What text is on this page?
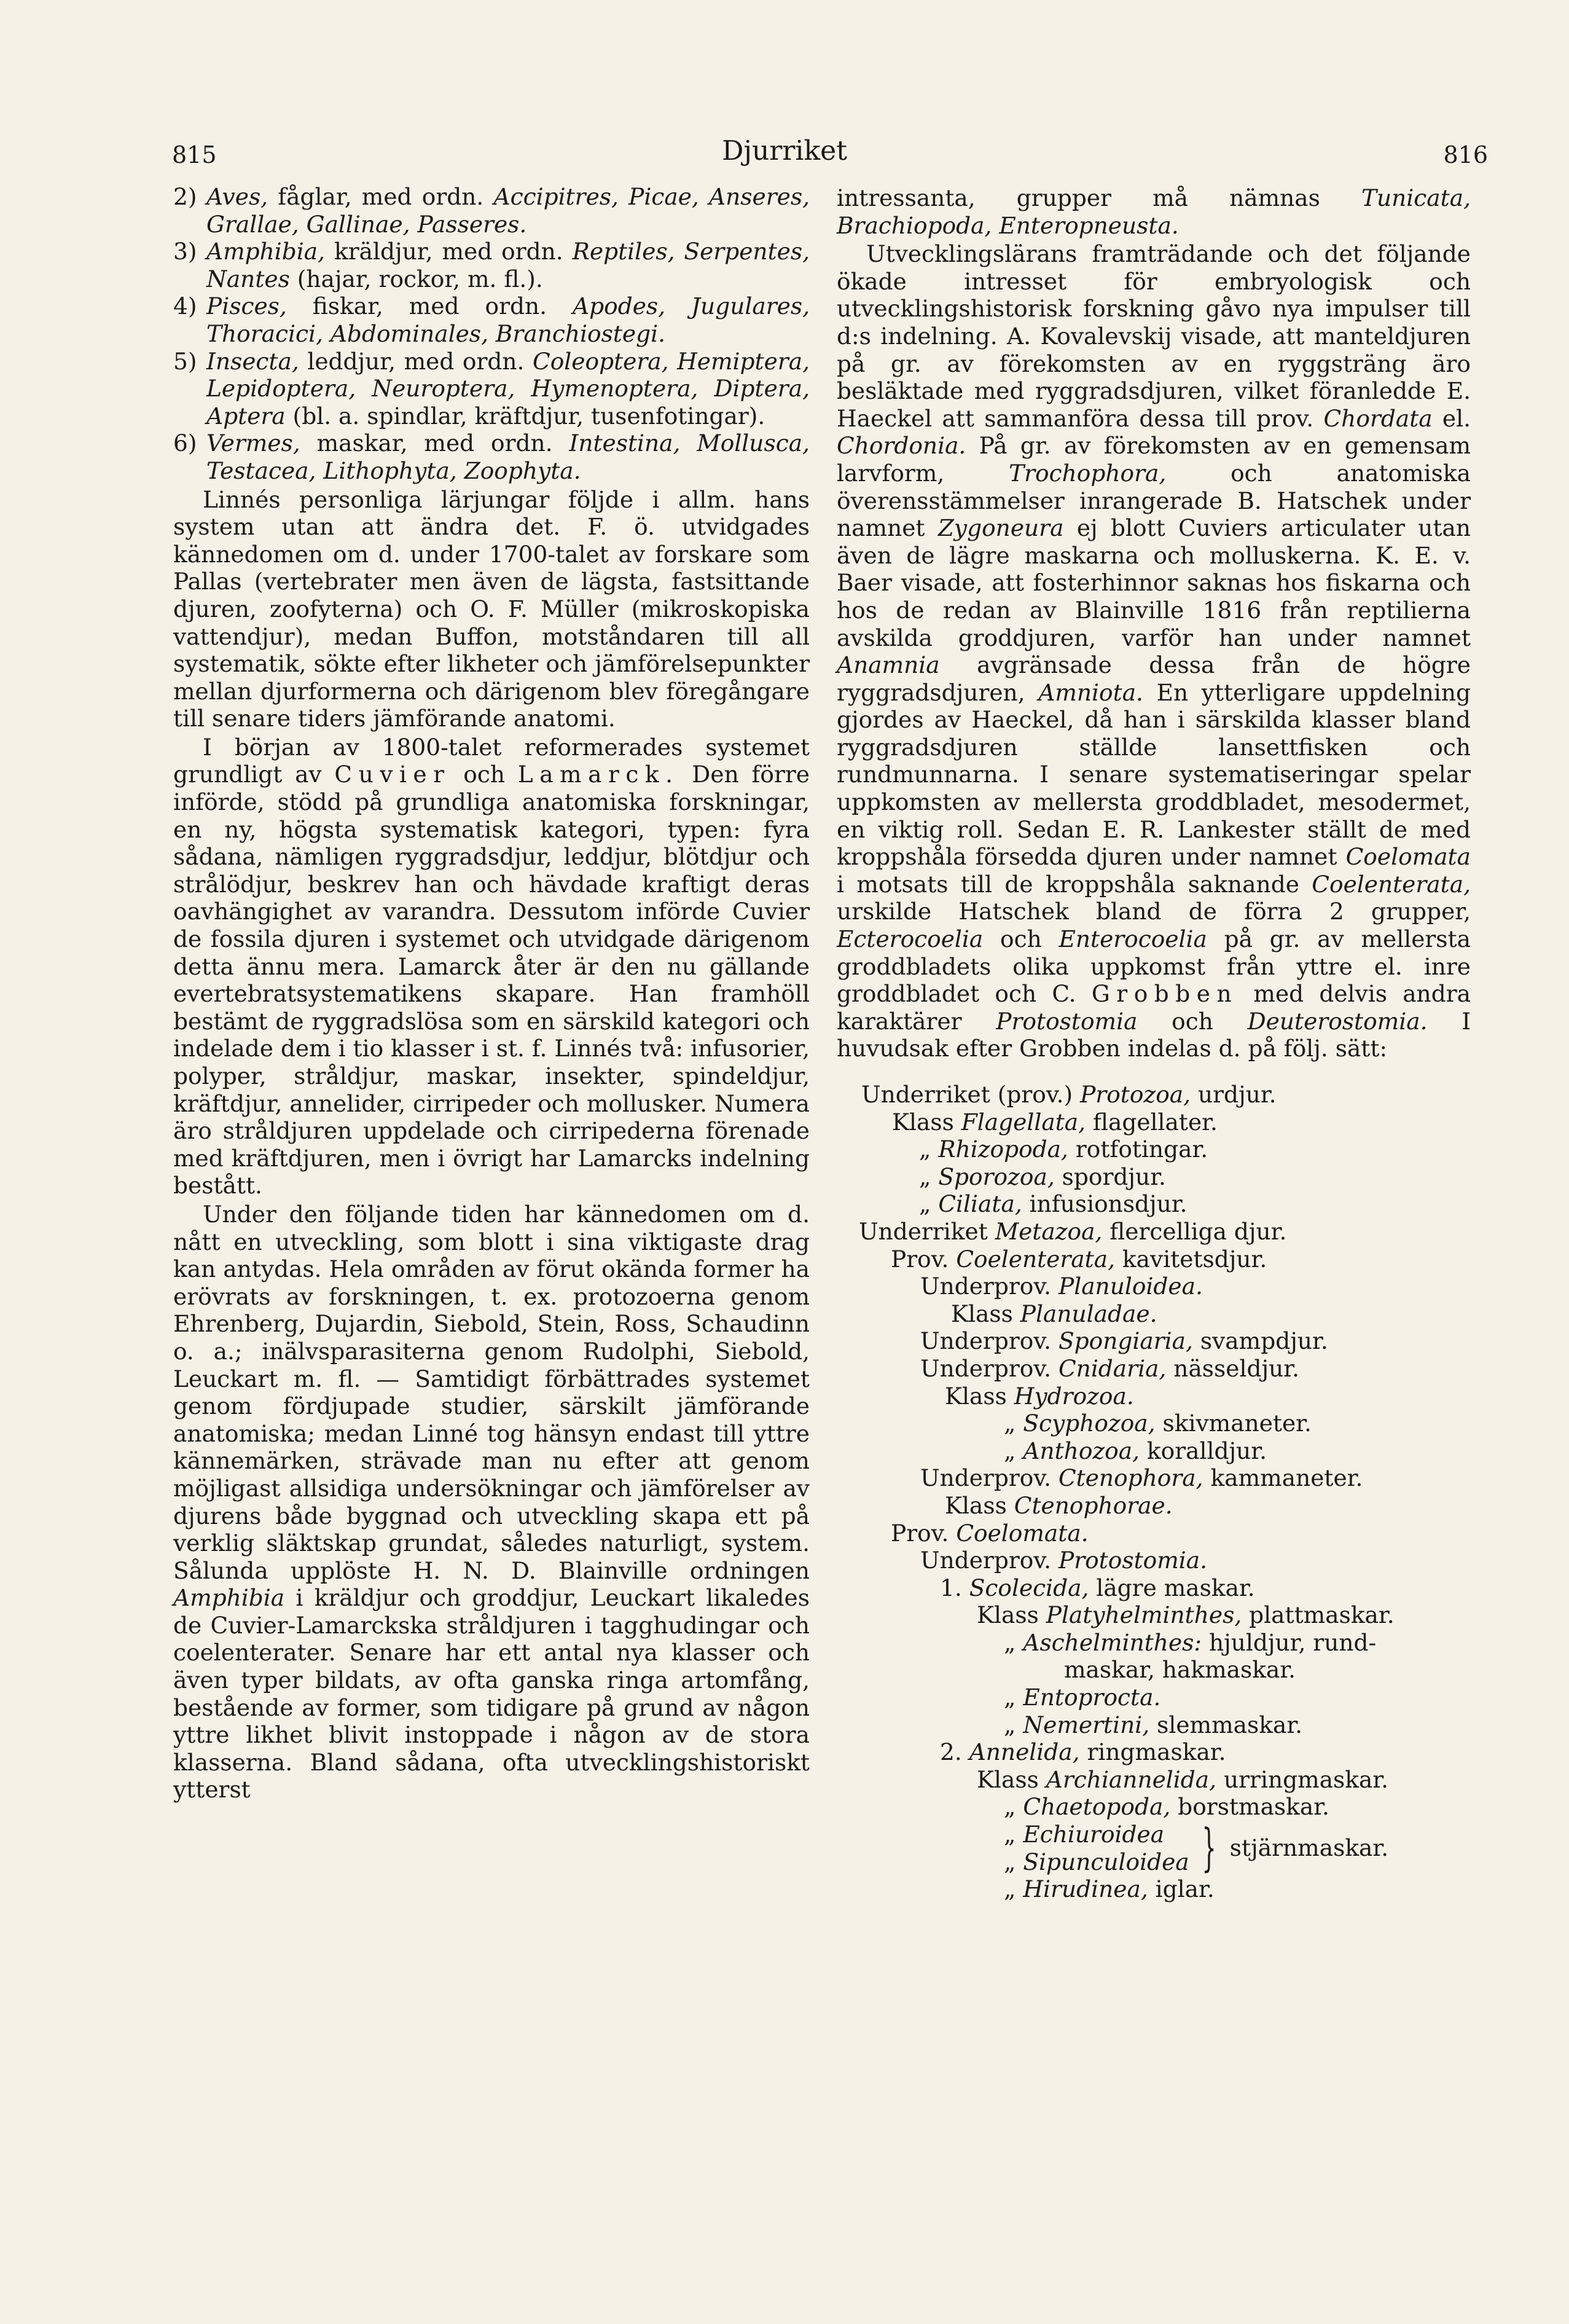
815	Djurriket	816
2) Aves, fåglar, med ordn. Accipitres, Picae, Anseres, Grallae, Gallinae, Passeres.
3) Amphibia, kräldjur, med ordn. Reptiles, Serpentes, Nantes (hajar, rockor, m. fl.).
4) Pisces, fiskar, med ordn. Apodes, Jugulares, Thoracici, Abdominales, Branchiostegi.
5) Insecta, leddjur, med ordn. Coleoptera, Hemiptera, Lepidoptera, Neuroptera, Hymenoptera, Diptera, Aptera (bl. a. spindlar, kräftdjur, tusenfotingar).
6) Vermes, maskar, med ordn. Intestina, Mollusca, Testacea, Lithophyta, Zoophyta.

Linnés personliga lärjungar följde i allm. hans system utan att ändra det. F. ö. utvidgades kännedomen om d. under 1700-talet av forskare som Pallas (vertebrater men även de lägsta, fastsittande djuren, zoofyterna) och O. F. Müller (mikroskopiska vattendjur), medan Buffon, motståndaren till all systematik, sökte efter likheter och jämförelsepunkter mellan djurformerna och därigenom blev föregångare till senare tiders jämförande anatomi.

I början av 1800-talet reformerades systemet grundligt av Cuvier och Lamarck. Den förre införde, stödd på grundliga anatomiska forskningar, en ny, högsta systematisk kategori, typen: fyra sådana, nämligen ryggradsdjur, leddjur, blötdjur och strålödjur, beskrev han och hävdade kraftigt deras oavhängighet av varandra. Dessutom införde Cuvier de fossila djuren i systemet och utvidgade därigenom detta ännu mera. Lamarck åter är den nu gällande evertebratsystematikens skapare. Han framhöll bestämt de ryggradslösa som en särskild kategori och indelade dem i tio klasser i st. f. Linnés två: infusorier, polyper, stråldjur, maskar, insekter, spindeldjur, kräftdjur, annelider, cirripeder och mollusker. Numera äro stråldjuren uppdelade och cirripederna förenade med kräftdjuren, men i övrigt har Lamarcks indelning bestått.

Under den följande tiden har kännedomen om d. nått en utveckling, som blott i sina viktigaste drag kan antydas. Hela områden av förut okända former ha erövrats av forskningen, t. ex. protozoerna genom Ehrenberg, Dujardin, Siebold, Stein, Ross, Schaudinn o. a.; inälvsparasiterna genom Rudolphi, Siebold, Leuckart m. fl. — Samtidigt förbättrades systemet genom fördjupade studier, särskilt jämförande anatomiska; medan Linné tog hänsyn endast till yttre kännemärken, strävade man nu efter att genom möjligast allsidiga undersökningar och jämförelser av djurens både byggnad och utveckling skapa ett på verklig släktskap grundat, således naturligt, system. Sålunda upplöste H. N. D. Blainville ordningen Amphibia i kräldjur och groddjur, Leuckart likaledes de Cuvier-Lamarckska stråldjuren i tagghudingar och coelenterater. Senare har ett antal nya klasser och även typer bildats, av ofta ganska ringa artomfång, bestående av former, som tidigare på grund av någon yttre likhet blivit instoppade i någon av de stora klasserna. Bland sådana, ofta utvecklingshistoriskt ytterst

intressanta, grupper må nämnas Tunicata, Brachiopoda, Enteropneusta.

Utvecklingslärans framträdande och det följande ökade intresset för embryologisk och utvecklingshistorisk forskning gåvo nya impulser till d:s indelning. A. Kovalevskij visade, att manteldjuren på gr. av förekomsten av en ryggsträng äro besläktade med ryggradsdjuren, vilket föranledde E. Haeckel att sammanföra dessa till prov. Chordata el. Chordonia. På gr. av förekomsten av en gemensam larvform, Trochophora, och anatomiska överensstämmelser inrangerade B. Hatschek under namnet Zygoneura ej blott Cuviers articulater utan även de lägre maskarna och molluskerna. K. E. v. Baer visade, att fosterhinnor saknas hos fiskarna och hos de redan av Blainville 1816 från reptilierna avskilda groddjuren, varför han under namnet Anamnia avgränsade dessa från de högre ryggradsdjuren, Amniota. En ytterligare uppdelning gjordes av Haeckel, då han i särskilda klasser bland ryggradsdjuren ställde lansettfisken och rundmunnarna. I senare systematiseringar spelar uppkomsten av mellersta groddbladet, mesodermet, en viktig roll. Sedan E. R. Lankester ställt de med kroppshåla försedda djuren under namnet Coelomata i motsats till de kroppshåla saknande Coelenterata, urskilde Hatschek bland de förra 2 grupper, Ecterocoelia och Enterocoelia på gr. av mellersta groddbladets olika uppkomst från yttre el. inre groddbladet och C. Grobben med delvis andra karaktärer Protostomia och Deuterostomia. I huvudsak efter Grobben indelas d. på följ. sätt:

Underriket (prov.) Protozoa, urdjur.
Klass Flagellata, flagellater.
„ Rhizopoda, rotfotingar.
„ Sporozoa, spordjur.
„ Ciliata, infusionsdjur.
Underriket Metazoa, flercelliga djur.
Prov. Coelenterata, kavitetsdjur.
Underprov. Planuloidea.
Klass Planuladae.
Underprov. Spongiaria, svampdjur.
Underprov. Cnidaria, nässeldjur.
Klass Hydrozoa.
„ Scyphozoa, skivmaneter.
„ Anthozoa, koralldjur.
Underprov. Ctenophora, kammaneter.
Klass Ctenophorae.
Prov. Coelomata.
Underprov. Protostomia.
1. Scolecida, lägre maskar.
Klass Platyhelminthes, plattmaskar.
„ Aschelminthes: hjuldjur, rund-
maskar, hakmaskar.
„ Entoprocta.
„ Nemertini, slemmaskar.
2. Annelida, ringmaskar.
Klass Archiannelida, urringmaskar.
„ Chaetopoda, borstmaskar.
„ Echiuroidea
„ Sipunculoidea } stjärnmaskar.
„ Hirudinea, iglar.
